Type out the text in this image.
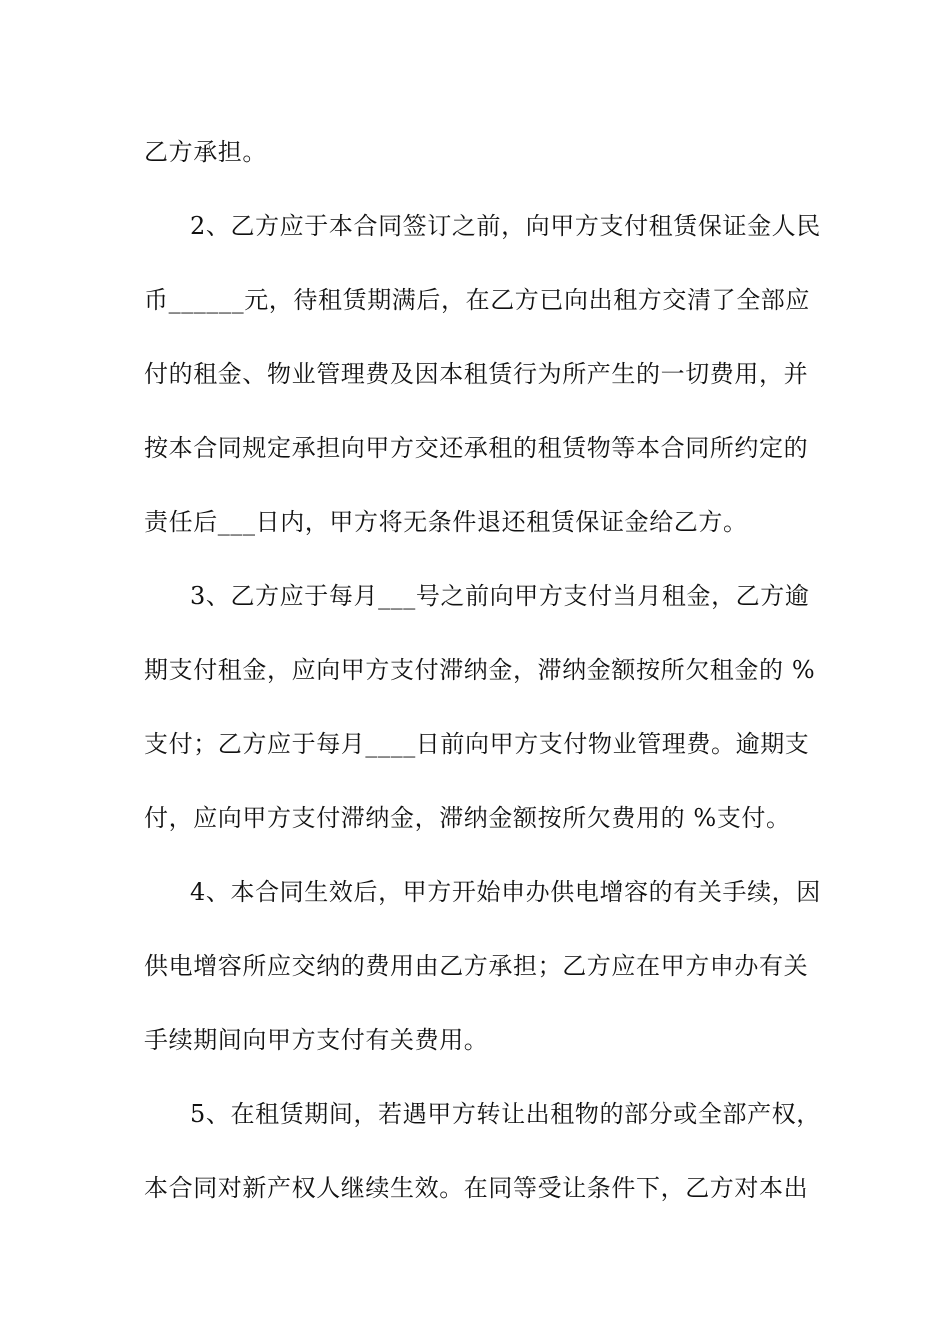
乙方承担。
2、乙方应于本合同签订之前，向甲方支付租赁保证金人民
币______元，待租赁期满后，在乙方已向出租方交清了全部应
付的租金、物业管理费及因本租赁行为所产生的一切费用，并
按本合同规定承担向甲方交还承租的租赁物等本合同所约定的
责任后___日内，甲方将无条件退还租赁保证金给乙方。
3、乙方应于每月___号之前向甲方支付当月租金，乙方逾
期支付租金，应向甲方支付滞纳金，滞纳金额按所欠租金的 %
支付；乙方应于每月____日前向甲方支付物业管理费。逾期支
付，应向甲方支付滞纳金，滞纳金额按所欠费用的 %支付。
4、本合同生效后，甲方开始申办供电增容的有关手续，因
供电增容所应交纳的费用由乙方承担；乙方应在甲方申办有关
手续期间向甲方支付有关费用。
5、在租赁期间，若遇甲方转让出租物的部分或全部产权，
本合同对新产权人继续生效。在同等受让条件下，乙方对本出
